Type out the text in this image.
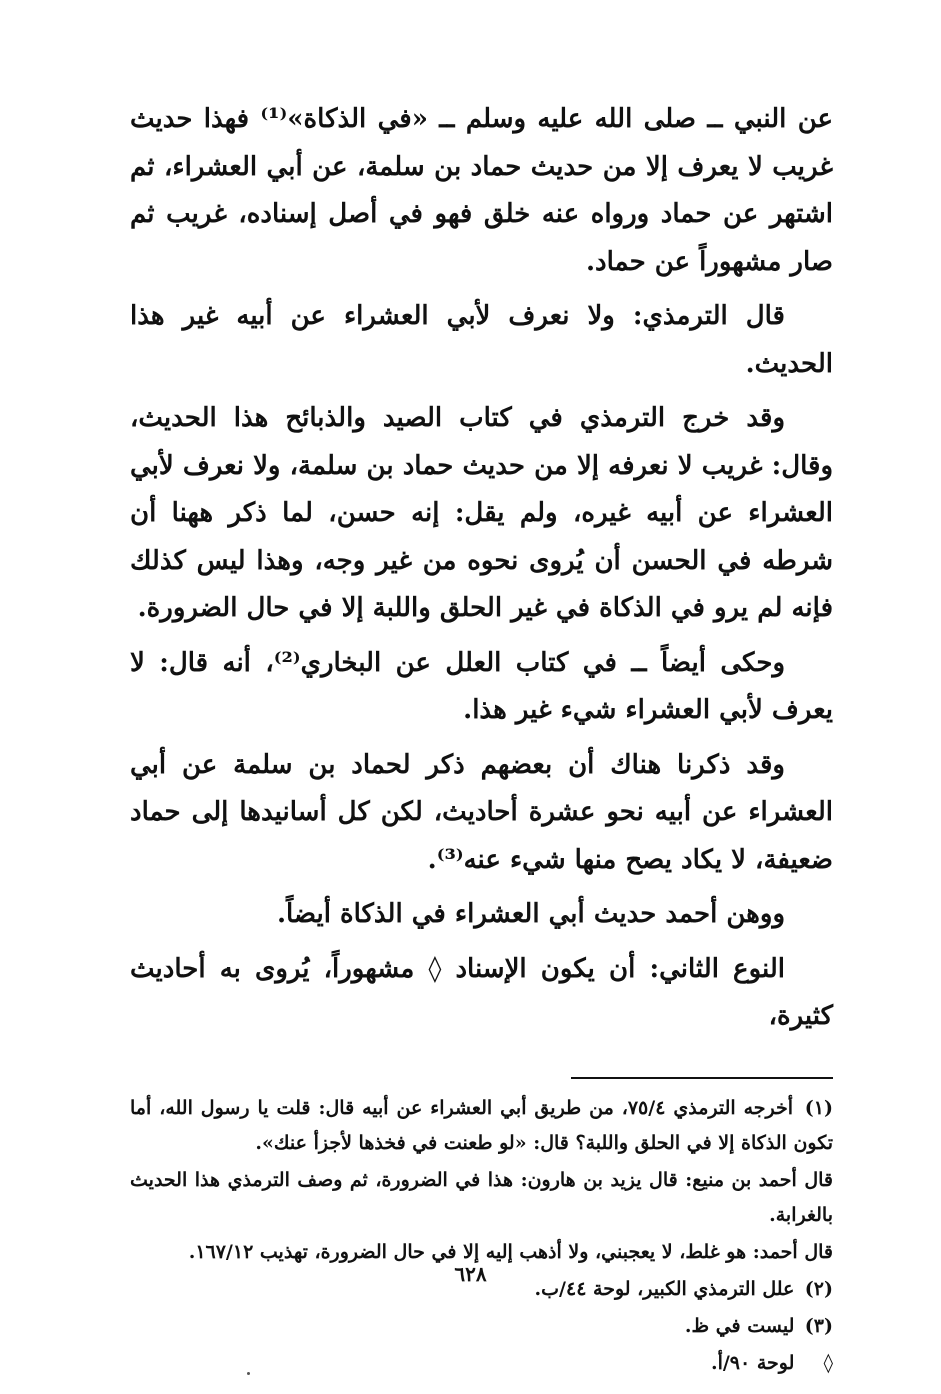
عن النبي ــ صلى الله عليه وسلم ــ «في الذكاة»⁽¹⁾ فهذا حديث غريب لا يعرف إلا من حديث حماد بن سلمة، عن أبي العشراء، ثم اشتهر عن حماد ورواه عنه خلق فهو في أصل إسناده، غريب ثم صار مشهوراً عن حماد.

قال الترمذي: ولا نعرف لأبي العشراء عن أبيه غير هذا الحديث.

وقد خرج الترمذي في كتاب الصيد والذبائح هذا الحديث، وقال: غريب لا نعرفه إلا من حديث حماد بن سلمة، ولا نعرف لأبي العشراء عن أبيه غيره، ولم يقل: إنه حسن، لما ذكر ههنا أن شرطه في الحسن أن يُروى نحوه من غير وجه، وهذا ليس كذلك فإنه لم يرو في الذكاة في غير الحلق واللبة إلا في حال الضرورة.

وحكى أيضاً ــ في كتاب العلل عن البخاري⁽²⁾، أنه قال: لا يعرف لأبي العشراء شيء غير هذا.

وقد ذكرنا هناك أن بعضهم ذكر لحماد بن سلمة عن أبي العشراء عن أبيه نحو عشرة أحاديث، لكن كل أسانيدها إلى حماد ضعيفة، لا يكاد يصح منها شيء عنه⁽³⁾.

ووهن أحمد حديث أبي العشراء في الذكاة أيضاً.

النوع الثاني: أن يكون الإسناد ◊ مشهوراً، يُروى به أحاديث كثيرة،

(١) أخرجه الترمذي ٧٥/٤، من طريق أبي العشراء عن أبيه قال: قلت يا رسول الله، أما تكون الذكاة إلا في الحلق واللبة؟ قال: «لو طعنت في فخذها لأجزأ عنك».

قال أحمد بن منيع: قال يزيد بن هارون: هذا في الضرورة، ثم وصف الترمذي هذا الحديث بالغرابة.

قال أحمد: هو غلط، لا يعجبني، ولا أذهب إليه إلا في حال الضرورة، تهذيب ١٦٧/١٢.

(٢) علل الترمذي الكبير، لوحة ٤٤/ب.

(٣) ليست في ظ.

◊ لوحة ٩٠/أ.

٦٢٨
